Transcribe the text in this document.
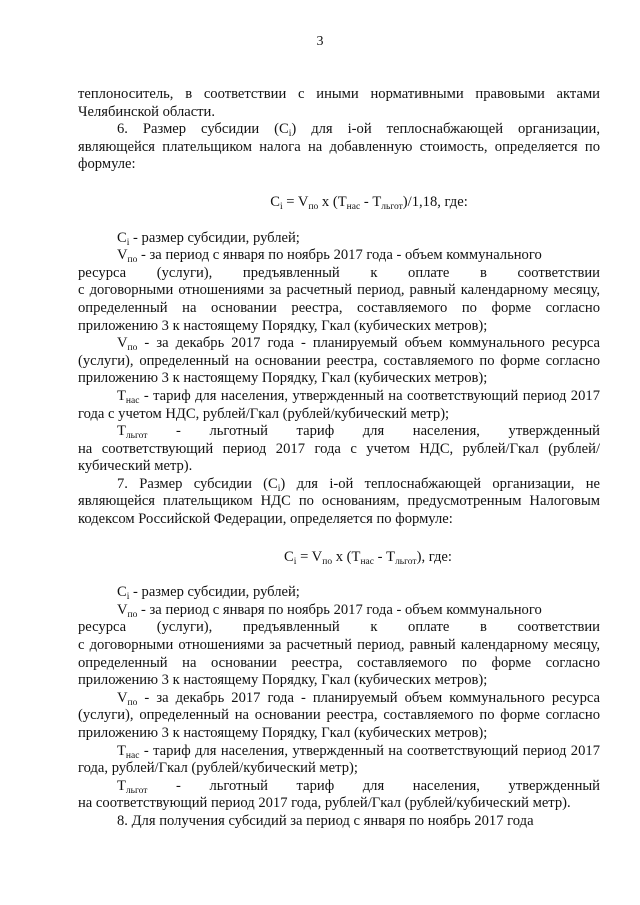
3

теплоноситель, в соответствии с иными нормативными правовыми актами Челябинской области.

6. Размер субсидии $(C_i)$ для i-ой теплоснабжающей организации, являющейся плательщиком налога на добавленную стоимость, определяется по формуле:

$C_i = V_{по}$ x $(T_{нас} - T_{льгот})/1,18$, где:

$C_i$ - размер субсидии, рублей;

$V_{по}$ - за период с января по ноябрь 2017 года - объем коммунального

ресурса (услуги), предъявленный к оплате в соответствии

с договорными отношениями за расчетный период, равный календарному месяцу, определенный на основании реестра, составляемого по форме согласно приложению 3 к настоящему Порядку, Гкал (кубических метров);

$V_{по}$ - за декабрь 2017 года - планируемый объем коммунального ресурса (услуги), определенный на основании реестра, составляемого по форме согласно приложению 3 к настоящему Порядку, Гкал (кубических метров);

$T_{нас}$ - тариф для населения, утвержденный на соответствующий период 2017 года с учетом НДС, рублей/Гкал (рублей/кубический метр);

$T_{льгот}$ - льготный тариф для населения, утвержденный

на соответствующий период 2017 года с учетом НДС, рублей/Гкал (рублей/кубический метр).

7. Размер субсидии $(C_i)$ для i-ой теплоснабжающей организации, не являющейся плательщиком НДС по основаниям, предусмотренным Налоговым кодексом Российской Федерации, определяется по формуле:

$C_i = V_{по}$ x $(T_{нас} - T_{льгот})$, где:

$C_i$ - размер субсидии, рублей;

$V_{по}$ - за период с января по ноябрь 2017 года - объем коммунального

ресурса (услуги), предъявленный к оплате в соответствии

с договорными отношениями за расчетный период, равный календарному месяцу, определенный на основании реестра, составляемого по форме согласно приложению 3 к настоящему Порядку, Гкал (кубических метров);

$V_{по}$ - за декабрь 2017 года - планируемый объем коммунального ресурса (услуги), определенный на основании реестра, составляемого по форме согласно приложению 3 к настоящему Порядку, Гкал (кубических метров);

$T_{нас}$ - тариф для населения, утвержденный на соответствующий период 2017 года, рублей/Гкал (рублей/кубический метр);

$T_{льгот}$ - льготный тариф для населения, утвержденный

на соответствующий период 2017 года, рублей/Гкал (рублей/кубический метр).

8. Для получения субсидий за период с января по ноябрь 2017 года
